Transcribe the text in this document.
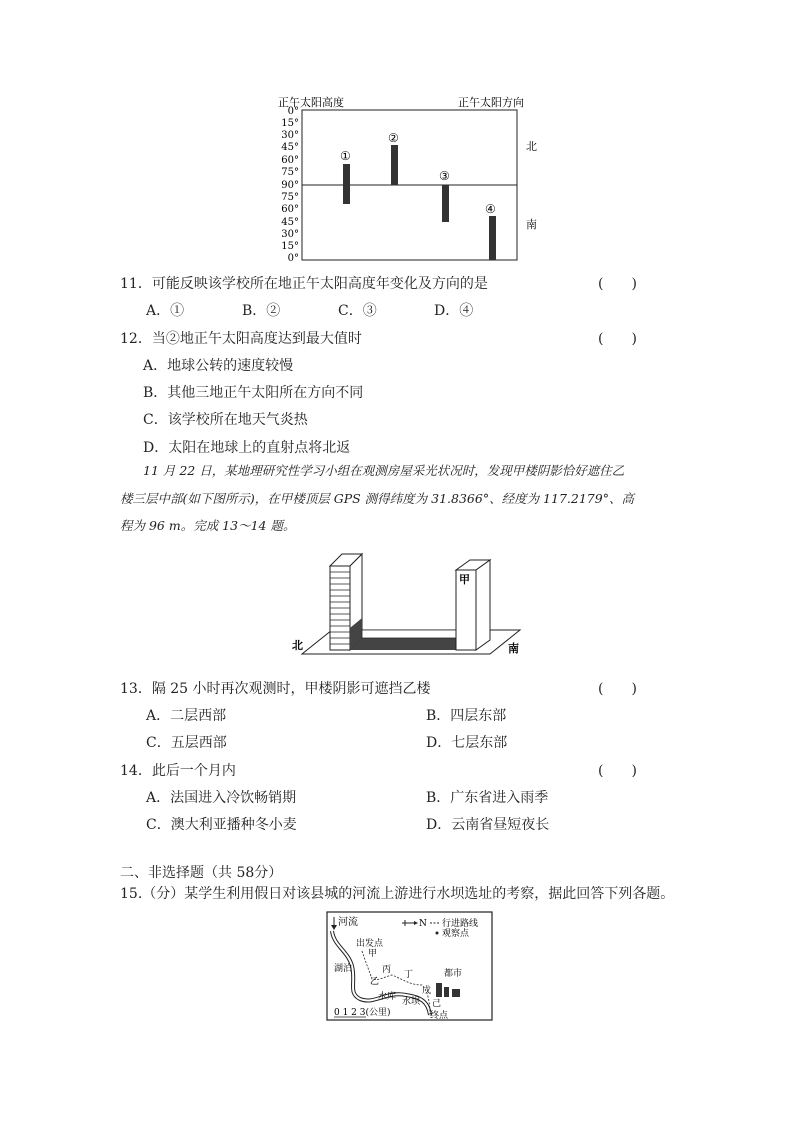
正午太阳高度	正午太阳方向
0°
15°
30°
45°
60°
75°
90°
75°
60°
45°
30°
15°
0°
①
②
③
④
北
南
11．可能反映该学校所在地正午太阳高度年变化及方向的是	(　　)
A．①	B．②	C．③	D．④
12．当②地正午太阳高度达到最大值时	(　　)
A．地球公转的速度较慢
B．其他三地正午太阳所在方向不同
C．该学校所在地天气炎热
D．太阳在地球上的直射点将北返
11 月 22 日，某地理研究性学习小组在观测房屋采光状况时，发现甲楼阴影恰好遮住乙
楼三层中部(如下图所示)，在甲楼顶层 GPS 测得纬度为 31.8366°、经度为 117.2179°、高
程为 96 m。完成 13～14 题。
甲
北	南
13．隔 25 小时再次观测时，甲楼阴影可遮挡乙楼	(　　)
A．二层西部	B．四层东部
C．五层西部	D．七层东部
14．此后一个月内	(　　)
A．法国进入冷饮畅销期	B．广东省进入雨季
C．澳大利亚播种冬小麦	D．云南省昼短夜长
二、非选择题（共 58分）
15.（分）某学生利用假日对该县城的河流上游进行水坝选址的考察，据此回答下列各题。
河流	N 行进路线
观察点
出发点
甲
湖泊	丙 丁
乙
都市
戊
水库 水坝 己
终点
0 1 2 3(公里)
